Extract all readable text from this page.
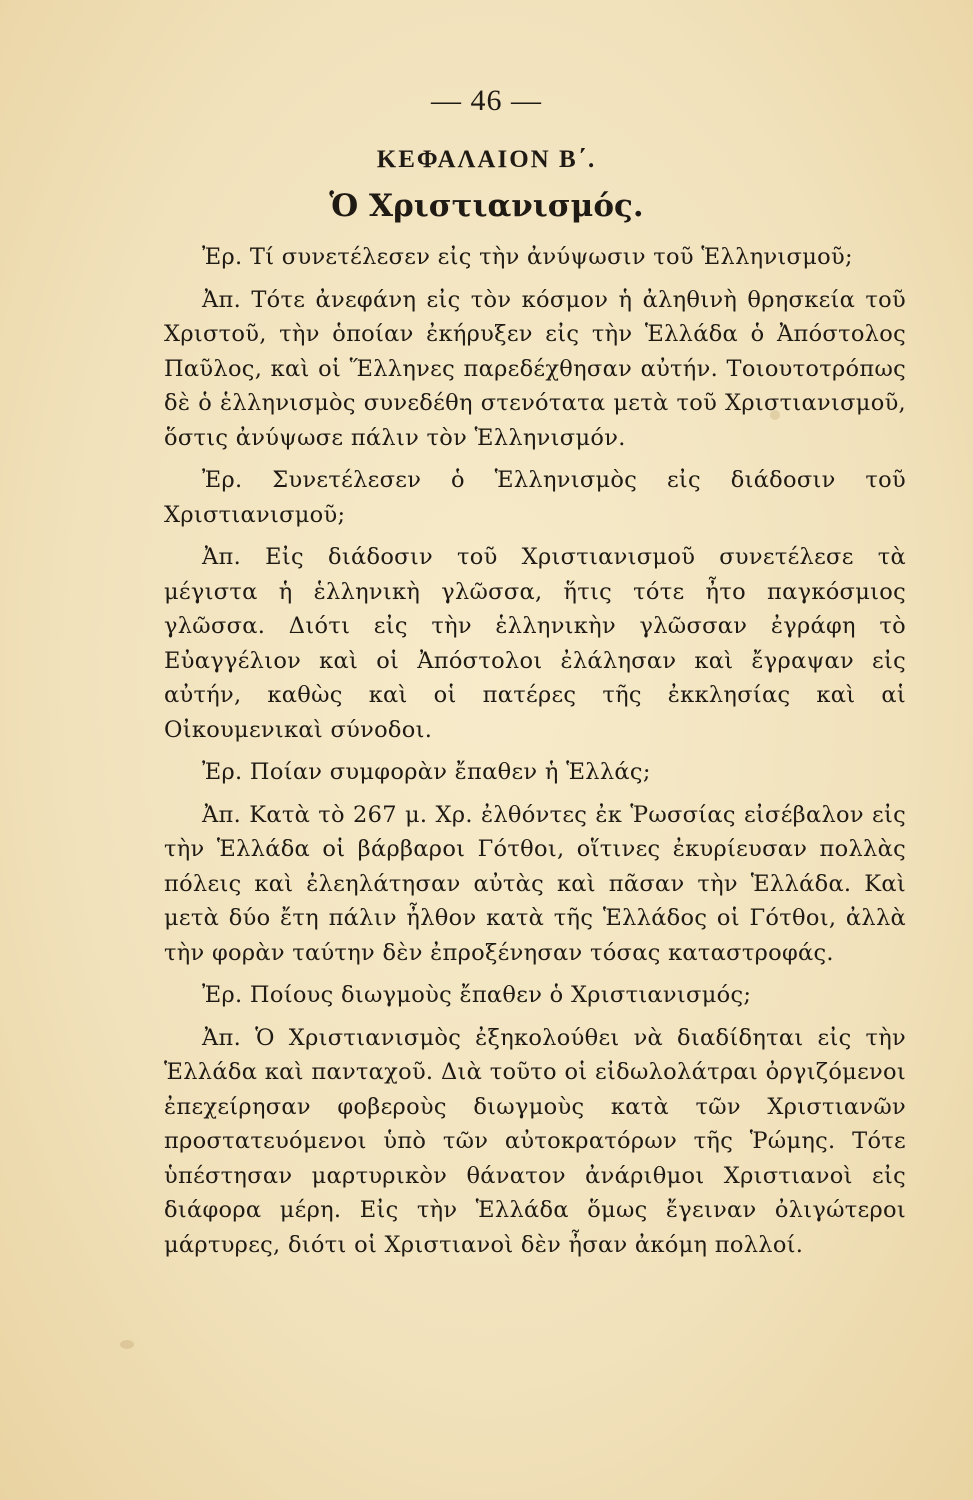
— 46 —
ΚΕΦΑΛΑΙΟΝ Β΄.
Ὁ Χριστιανισμός.

Ἐρ. Τί συνετέλεσεν εἰς τὴν ἀνύψωσιν τοῦ Ἑλληνισμοῦ;

Ἀπ. Τότε ἀνεφάνη εἰς τὸν κόσμον ἡ ἀληθινὴ θρησκεία τοῦ Χριστοῦ, τὴν ὁποίαν ἐκήρυξεν εἰς τὴν Ἑλλάδα ὁ Ἀπόστολος Παῦλος, καὶ οἱ Ἕλληνες παρεδέχθησαν αὐτήν. Τοιουτοτρόπως δὲ ὁ ἑλληνισμὸς συνεδέθη στενότατα μετὰ τοῦ Χριστιανισμοῦ, ὅστις ἀνύψωσε πάλιν τὸν Ἑλληνισμόν.

Ἐρ. Συνετέλεσεν ὁ Ἑλληνισμὸς εἰς διάδοσιν τοῦ Χριστιανισμοῦ;

Ἀπ. Εἰς διάδοσιν τοῦ Χριστιανισμοῦ συνετέλεσε τὰ μέγιστα ἡ ἑλληνικὴ γλῶσσα, ἥτις τότε ἦτο παγκόσμιος γλῶσσα. Διότι εἰς τὴν ἑλληνικὴν γλῶσσαν ἐγράφη τὸ Εὐαγγέλιον καὶ οἱ Ἀπόστολοι ἐλάλησαν καὶ ἔγραψαν εἰς αὐτήν, καθὼς καὶ οἱ πατέρες τῆς ἐκκλησίας καὶ αἱ Οἰκουμενικαὶ σύνοδοι.

Ἐρ. Ποίαν συμφορὰν ἔπαθεν ἡ Ἑλλάς;

Ἀπ. Κατὰ τὸ 267 μ. Χρ. ἐλθόντες ἐκ Ῥωσσίας εἰσέβαλον εἰς τὴν Ἑλλάδα οἱ βάρβαροι Γότθοι, οἵτινες ἐκυρίευσαν πολλὰς πόλεις καὶ ἐλεηλάτησαν αὐτὰς καὶ πᾶσαν τὴν Ἑλλάδα. Καὶ μετὰ δύο ἔτη πάλιν ἦλθον κατὰ τῆς Ἑλλάδος οἱ Γότθοι, ἀλλὰ τὴν φορὰν ταύτην δὲν ἐπροξένησαν τόσας καταστροφάς.

Ἐρ. Ποίους διωγμοὺς ἔπαθεν ὁ Χριστιανισμός;

Ἀπ. Ὁ Χριστιανισμὸς ἐξηκολούθει νὰ διαδίδηται εἰς τὴν Ἑλλάδα καὶ πανταχοῦ. Διὰ τοῦτο οἱ εἰδωλολάτραι ὀργιζόμενοι ἐπεχείρησαν φοβεροὺς διωγμοὺς κατὰ τῶν Χριστιανῶν προστατευόμενοι ὑπὸ τῶν αὐτοκρατόρων τῆς Ῥώμης. Τότε ὑπέστησαν μαρτυρικὸν θάνατον ἀνάριθμοι Χριστιανοὶ εἰς διάφορα μέρη. Εἰς τὴν Ἑλλάδα ὅμως ἔγειναν ὀλιγώτεροι μάρτυρες, διότι οἱ Χριστιανοὶ δὲν ἦσαν ἀκόμη πολλοί.
